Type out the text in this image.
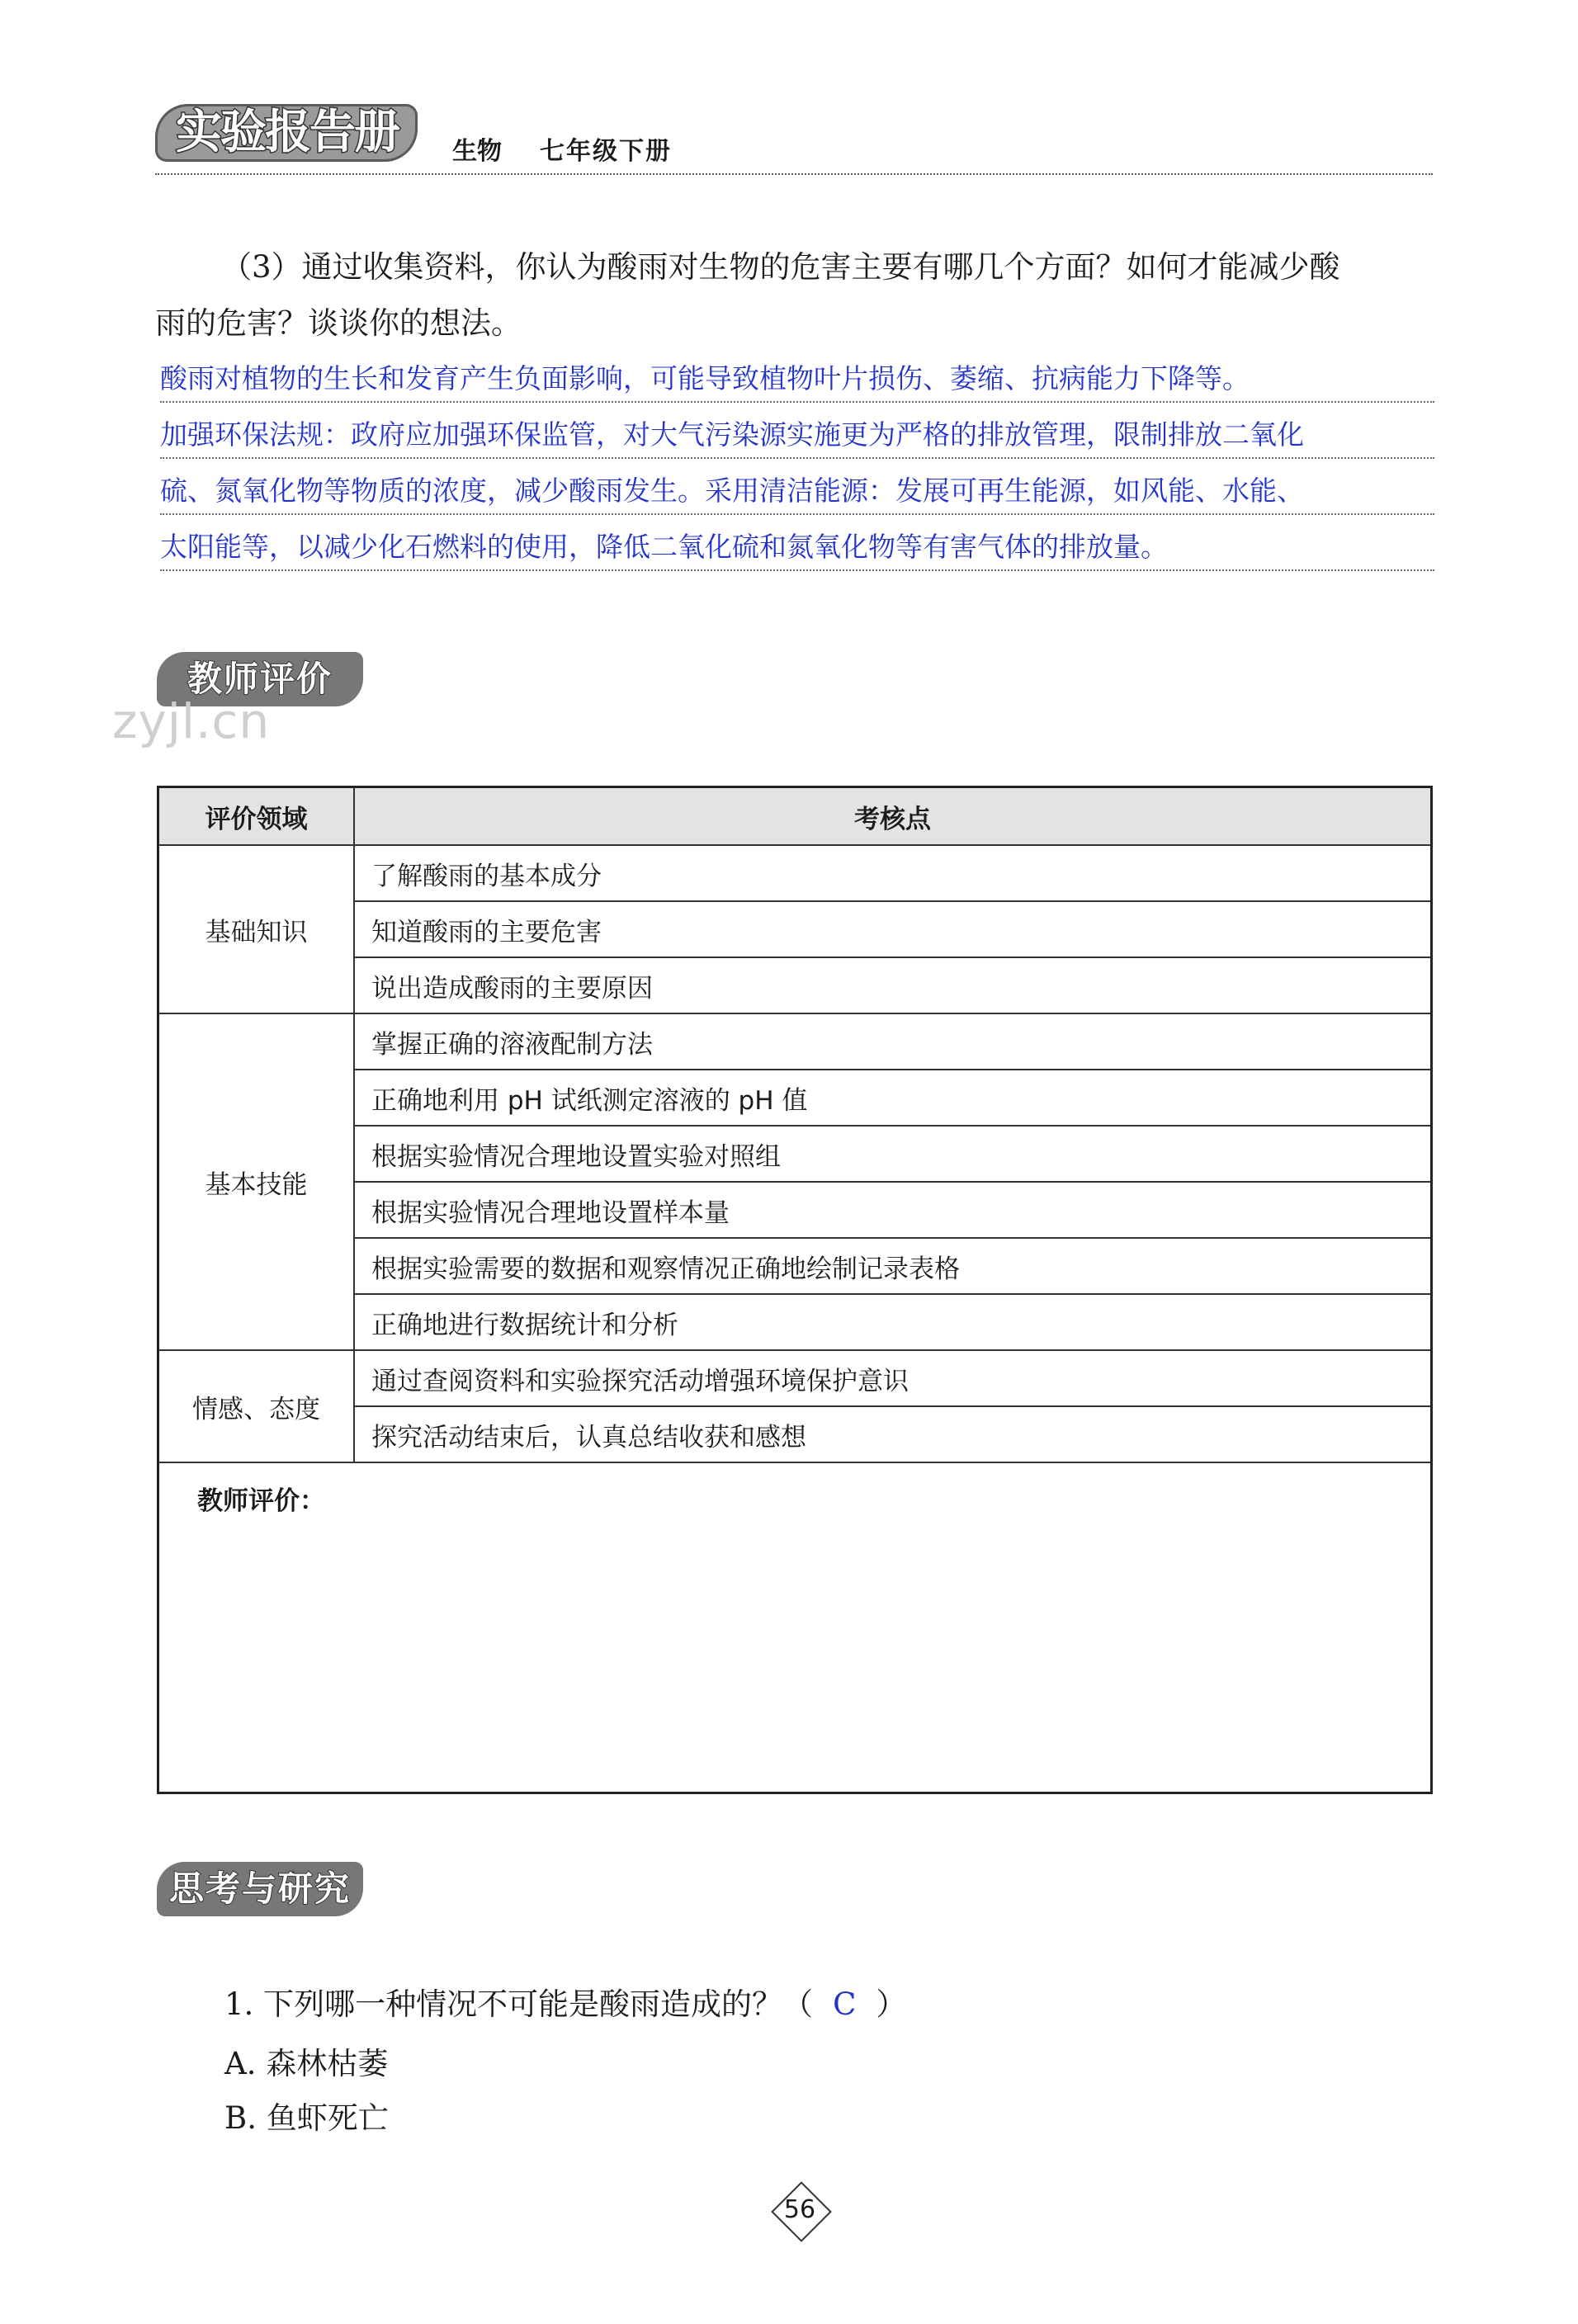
实验报告册	生物 七年级下册
（3）通过收集资料，你认为酸雨对生物的危害主要有哪几个方面？如何才能减少酸
雨的危害？谈谈你的想法。
酸雨对植物的生长和发育产生负面影响，可能导致植物叶片损伤、萎缩、抗病能力下降等。
加强环保法规：政府应加强环保监管，对大气污染源实施更为严格的排放管理，限制排放二氧化
硫、氮氧化物等物质的浓度，减少酸雨发生。采用清洁能源：发展可再生能源，如风能、水能、
太阳能等，以减少化石燃料的使用，降低二氧化硫和氮氧化物等有害气体的排放量。
教师评价
zyjl.cn
评价领域	考核点
基础知识	了解酸雨的基本成分
	知道酸雨的主要危害
	说出造成酸雨的主要原因
基本技能	掌握正确的溶液配制方法
	正确地利用 pH 试纸测定溶液的 pH 值
	根据实验情况合理地设置实验对照组
	根据实验情况合理地设置样本量
	根据实验需要的数据和观察情况正确地绘制记录表格
	正确地进行数据统计和分析
情感、态度	通过查阅资料和实验探究活动增强环境保护意识
	探究活动结束后，认真总结收获和感想
教师评价：	
思考与研究
1. 下列哪一种情况不可能是酸雨造成的？（ C ）
A. 森林枯萎
B. 鱼虾死亡
56
